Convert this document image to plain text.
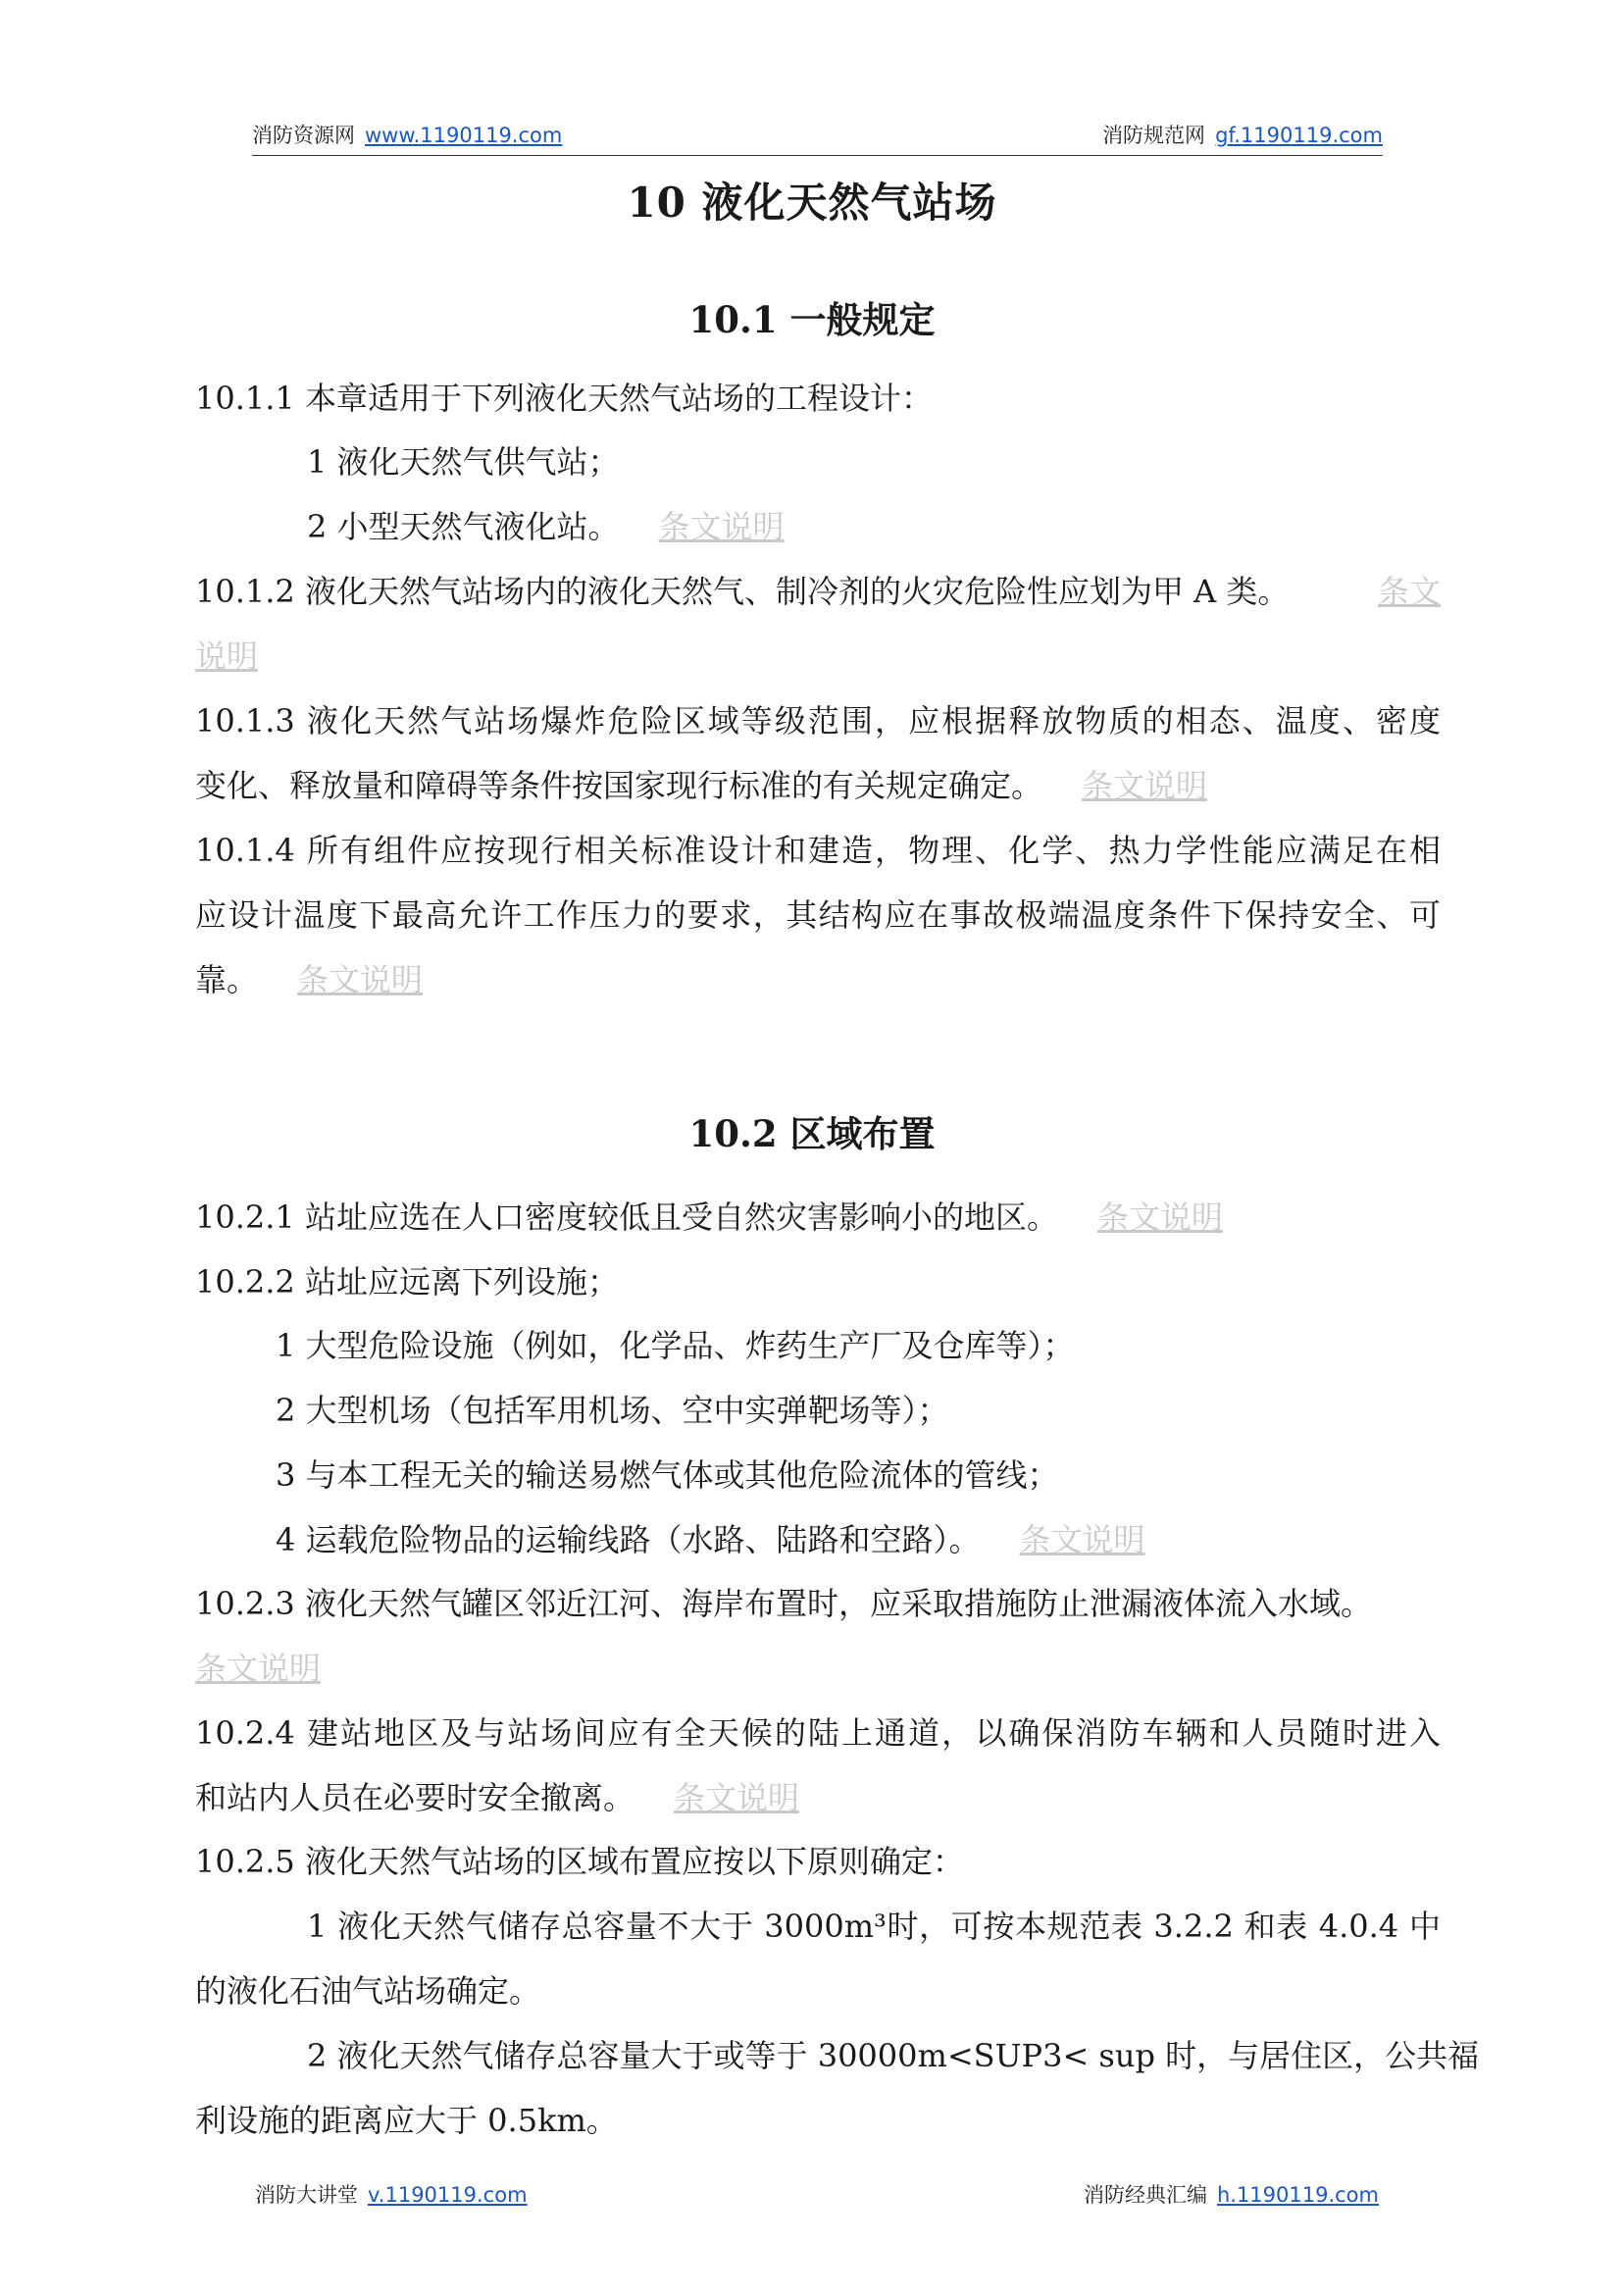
消防资源网 www.1190119.com	消防规范网 gf.1190119.com
10 液化天然气站场
10.1 一般规定
10.1.1 本章适用于下列液化天然气站场的工程设计：
1 液化天然气供气站；
2 小型天然气液化站。 条文说明
10.1.2 液化天然气站场内的液化天然气、制冷剂的火灾危险性应划为甲 A 类。	条文
说明
10.1.3 液化天然气站场爆炸危险区域等级范围，应根据释放物质的相态、温度、密度
变化、释放量和障碍等条件按国家现行标准的有关规定确定。 条文说明
10.1.4 所有组件应按现行相关标准设计和建造，物理、化学、热力学性能应满足在相
应设计温度下最高允许工作压力的要求，其结构应在事故极端温度条件下保持安全、可
靠。 条文说明
10.2 区域布置
10.2.1 站址应选在人口密度较低且受自然灾害影响小的地区。 条文说明
10.2.2 站址应远离下列设施；
1 大型危险设施（例如，化学品、炸药生产厂及仓库等）；
2 大型机场（包括军用机场、空中实弹靶场等）；
3 与本工程无关的输送易燃气体或其他危险流体的管线；
4 运载危险物品的运输线路（水路、陆路和空路）。 条文说明
10.2.3 液化天然气罐区邻近江河、海岸布置时，应采取措施防止泄漏液体流入水域。
条文说明
10.2.4 建站地区及与站场间应有全天候的陆上通道，以确保消防车辆和人员随时进入
和站内人员在必要时安全撤离。 条文说明
10.2.5 液化天然气站场的区域布置应按以下原则确定：
1 液化天然气储存总容量不大于 3000m³时，可按本规范表 3.2.2 和表 4.0.4 中
的液化石油气站场确定。
2 液化天然气储存总容量大于或等于 30000m<SUP3< sup 时，与居住区，公共福
利设施的距离应大于 0.5km。
消防大讲堂 v.1190119.com	消防经典汇编 h.1190119.com
